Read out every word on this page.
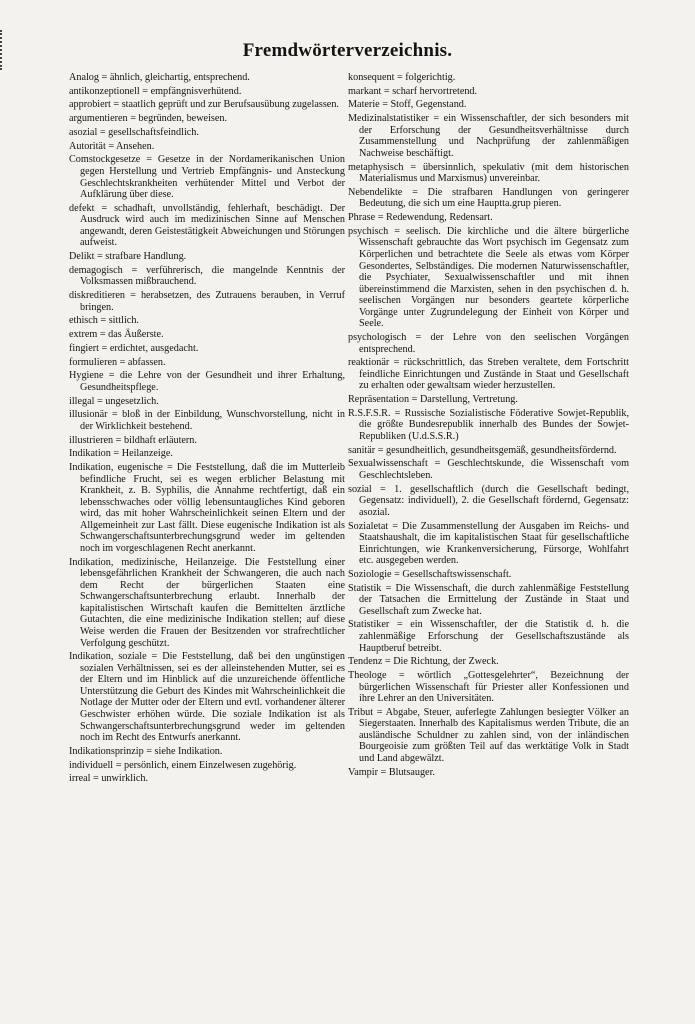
Fremdwörterverzeichnis.

Analog = ähnlich, gleichartig, entsprechend.

antikonzeptionell = empfängnisverhütend.

approbiert = staatlich geprüft und zur Berufsausübung zugelassen.

argumentieren = begründen, beweisen.

asozial = gesellschaftsfeindlich.

Autorität = Ansehen.

Comstockgesetze = Gesetze in der Nordamerikanischen Union gegen Herstellung und Vertrieb Empfängnis- und Ansteckung Geschlechtskrankheiten verhütender Mittel und Verbot der Aufklärung über diese.

defekt = schadhaft, unvollständig, fehlerhaft, beschädigt. Der Ausdruck wird auch im medizinischen Sinne auf Menschen angewandt, deren Geistestätigkeit Abweichungen und Störungen aufweist.

Delikt = strafbare Handlung.

demagogisch = verführerisch, die mangelnde Kenntnis der Volksmassen mißbrauchend.

diskreditieren = herabsetzen, des Zutrauens berauben, in Verruf bringen.

ethisch = sittlich.

extrem = das Äußerste.

fingiert = erdichtet, ausgedacht.

formulieren = abfassen.

Hygiene = die Lehre von der Gesundheit und ihrer Erhaltung, Gesundheitspflege.

illegal = ungesetzlich.

illusionär = bloß in der Einbildung, Wunschvorstellung, nicht in der Wirklichkeit bestehend.

illustrieren = bildhaft erläutern.

Indikation = Heilanzeige.

Indikation, eugenische = Die Feststellung, daß die im Mutterleib befindliche Frucht, sei es wegen erblicher Belastung mit Krankheit, z. B. Syphilis, die Annahme rechtfertigt, daß ein lebensschwaches oder völlig lebensuntaugliches Kind geboren wird, das mit hoher Wahrscheinlichkeit seinen Eltern und der Allgemeinheit zur Last fällt. Diese eugenische Indikation ist als Schwangerschaftsunterbrechungsgrund weder im geltenden noch im vorgeschlagenen Recht anerkannt.

Indikation, medizinische, Heilanzeige. Die Feststellung einer lebensgefährlichen Krankheit der Schwangeren, die auch nach dem Recht der bürgerlichen Staaten eine Schwangerschaftsunterbrechung erlaubt. Innerhalb der kapitalistischen Wirtschaft kaufen die Bemittelten ärztliche Gutachten, die eine medizinische Indikation stellen; auf diese Weise werden die Frauen der Besitzenden vor strafrechtlicher Verfolgung geschützt.

Indikation, soziale = Die Feststellung, daß bei den ungünstigen sozialen Verhältnissen, sei es der alleinstehenden Mutter, sei es der Eltern und im Hinblick auf die unzureichende öffentliche Unterstützung die Geburt des Kindes mit Wahrscheinlichkeit die Notlage der Mutter oder der Eltern und evtl. vorhandener älterer Geschwister erhöhen würde. Die soziale Indikation ist als Schwangerschaftsunterbrechungsgrund weder im geltenden noch im Recht des Entwurfs anerkannt.

Indikationsprinzip = siehe Indikation.

individuell = persönlich, einem Einzelwesen zugehörig.

irreal = unwirklich.

konsequent = folgerichtig.

markant = scharf hervortretend.

Materie = Stoff, Gegenstand.

Medizinalstatistiker = ein Wissenschaftler, der sich besonders mit der Erforschung der Gesundheitsverhältnisse durch Zusammenstellung und Nachprüfung der zahlenmäßigen Nachweise beschäftigt.

metaphysisch = übersinnlich, spekulativ (mit dem historischen Materialismus und Marxismus) unvereinbar.

Nebendelikte = Die strafbaren Handlungen von geringerer Bedeutung, die sich um eine Hauptta.grup pieren.

Phrase = Redewendung, Redensart.

psychisch = seelisch. Die kirchliche und die ältere bürgerliche Wissenschaft gebrauchte das Wort psychisch im Gegensatz zum Körperlichen und betrachtete die Seele als etwas vom Körper Gesondertes, Selbständiges. Die modernen Naturwissenschaftler, die Psychiater, Sexualwissenschaftler und mit ihnen übereinstimmend die Marxisten, sehen in den psychischen d. h. seelischen Vorgängen nur besonders geartete körperliche Vorgänge unter Zugrundelegung der Einheit von Körper und Seele.

psychologisch = der Lehre von den seelischen Vorgängen entsprechend.

reaktionär = rückschrittlich, das Streben veraltete, dem Fortschritt feindliche Einrichtungen und Zustände in Staat und Gesellschaft zu erhalten oder gewaltsam wieder herzustellen.

Repräsentation = Darstellung, Vertretung.

R.S.F.S.R. = Russische Sozialistische Föderative Sowjet-Republik, die größte Bundesrepublik innerhalb des Bundes der Sowjet-Republiken (U.d.S.S.R.)

sanitär = gesundheitlich, gesundheitsgemäß, gesundheitsfördernd.

Sexualwissenschaft = Geschlechtskunde, die Wissenschaft vom Geschlechtsleben.

sozial = 1. gesellschaftlich (durch die Gesellschaft bedingt, Gegensatz: individuell), 2. die Gesellschaft fördernd, Gegensatz: asozial.

Sozialetat = Die Zusammenstellung der Ausgaben im Reichs- und Staatshaushalt, die im kapitalistischen Staat für gesellschaftliche Einrichtungen, wie Krankenversicherung, Fürsorge, Wohlfahrt etc. ausgegeben werden.

Soziologie = Gesellschaftswissenschaft.

Statistik = Die Wissenschaft, die durch zahlenmäßige Feststellung der Tatsachen die Ermittelung der Zustände in Staat und Gesellschaft zum Zwecke hat.

Statistiker = ein Wissenschaftler, der die Statistik d. h. die zahlenmäßige Erforschung der Gesellschaftszustände als Hauptberuf betreibt.

Tendenz = Die Richtung, der Zweck.

Theologe = wörtlich „Gottesgelehrter“, Bezeichnung der bürgerlichen Wissenschaft für Priester aller Konfessionen und ihre Lehrer an den Universitäten.

Tribut = Abgabe, Steuer, auferlegte Zahlungen besiegter Völker an Siegerstaaten. Innerhalb des Kapitalismus werden Tribute, die an ausländische Schuldner zu zahlen sind, von der inländischen Bourgeoisie zum größten Teil auf das werktätige Volk in Stadt und Land abgewälzt.

Vampir = Blutsauger.
